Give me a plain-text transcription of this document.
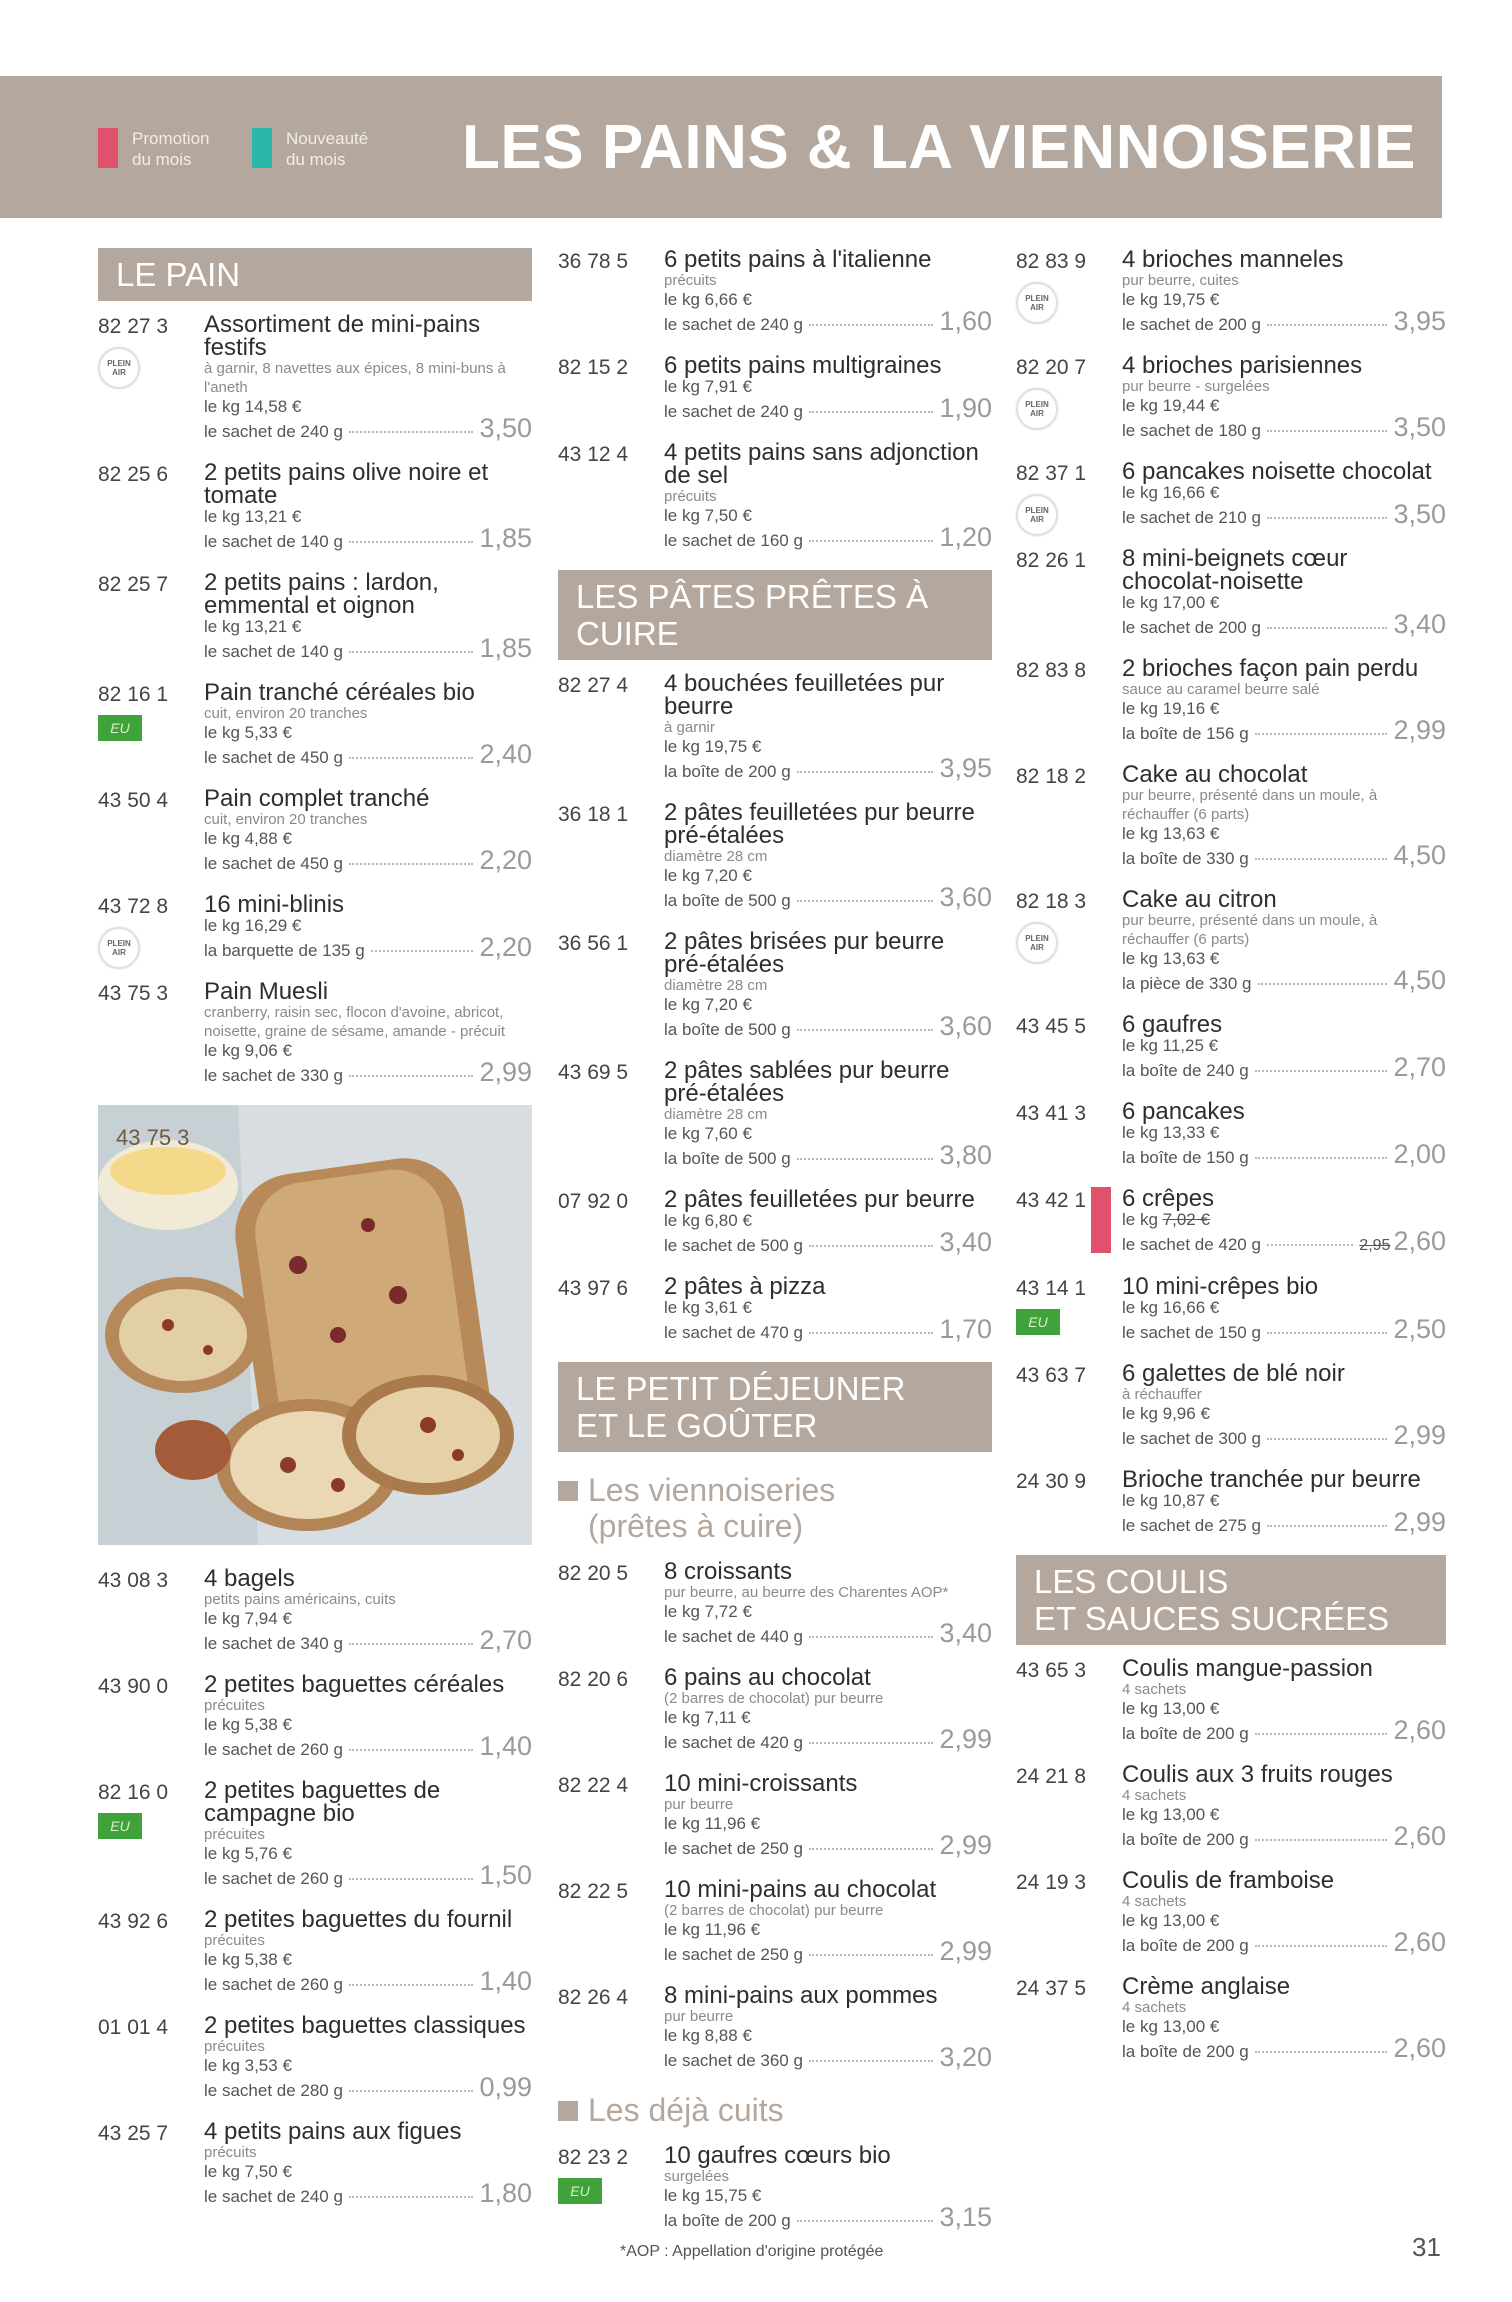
Promotion
du mois
Nouveauté
du mois	LES PAINS & LA VIENNOISERIE
LE PAIN
82 27 3
PLEIN AIR
Assortiment de mini-pains festifs
à garnir, 8 navettes aux épices, 8 mini-buns à l'aneth
le kg 14,58 €
le sachet de 240 g	3,50
82 25 6 2 petits pains olive noire et tomate
le kg 13,21 €
le sachet de 140 g	1,85
82 25 7 2 petits pains : lardon, emmental et oignon
le kg 13,21 €
le sachet de 140 g	1,85
82 16 1
EU
Pain tranché céréales bio
cuit, environ 20 tranches
le kg 5,33 €
le sachet de 450 g	2,40
43 50 4 Pain complet tranché
cuit, environ 20 tranches
le kg 4,88 €
le sachet de 450 g	2,20
43 72 8
PLEIN AIR
16 mini-blinis
le kg 16,29 €
la barquette de 135 g	2,20
43 75 3 Pain Muesli
cranberry, raisin sec, flocon d'avoine, abricot, noisette, graine de sésame, amande - précuit
le kg 9,06 €
le sachet de 330 g	2,99
43 75 3
43 08 3 4 bagels
petits pains américains, cuits
le kg 7,94 €
le sachet de 340 g	2,70
43 90 0 2 petites baguettes céréales
précuites
le kg 5,38 €
le sachet de 260 g	1,40
82 16 0
EU
2 petites baguettes de campagne bio
précuites
le kg 5,76 €
le sachet de 260 g	1,50
43 92 6 2 petites baguettes du fournil
précuites
le kg 5,38 €
le sachet de 260 g	1,40
01 01 4 2 petites baguettes classiques
précuites
le kg 3,53 €
le sachet de 280 g	0,99
43 25 7 4 petits pains aux figues
précuits
le kg 7,50 €
le sachet de 240 g	1,80
36 78 5 6 petits pains à l'italienne
précuits
le kg 6,66 €
le sachet de 240 g	1,60
82 15 2 6 petits pains multigraines
le kg 7,91 €
le sachet de 240 g	1,90
43 12 4 4 petits pains sans adjonction de sel
précuits
le kg 7,50 €
le sachet de 160 g	1,20
LES PÂTES PRÊTES À CUIRE
82 27 4 4 bouchées feuilletées pur beurre
à garnir
le kg 19,75 €
la boîte de 200 g	3,95
36 18 1 2 pâtes feuilletées pur beurre pré-étalées
diamètre 28 cm
le kg 7,20 €
la boîte de 500 g	3,60
36 56 1 2 pâtes brisées pur beurre pré-étalées
diamètre 28 cm
le kg 7,20 €
la boîte de 500 g	3,60
43 69 5 2 pâtes sablées pur beurre pré-étalées
diamètre 28 cm
le kg 7,60 €
la boîte de 500 g	3,80
07 92 0 2 pâtes feuilletées pur beurre
le kg 6,80 €
le sachet de 500 g	3,40
43 97 6 2 pâtes à pizza
le kg 3,61 €
le sachet de 470 g	1,70
LE PETIT DÉJEUNER
ET LE GOÛTER
Les viennoiseries
(prêtes à cuire)
82 20 5 8 croissants
pur beurre, au beurre des Charentes AOP*
le kg 7,72 €
le sachet de 440 g	3,40
82 20 6 6 pains au chocolat
(2 barres de chocolat) pur beurre
le kg 7,11 €
le sachet de 420 g	2,99
82 22 4 10 mini-croissants
pur beurre
le kg 11,96 €
le sachet de 250 g	2,99
82 22 5 10 mini-pains au chocolat
(2 barres de chocolat) pur beurre
le kg 11,96 €
le sachet de 250 g	2,99
82 26 4 8 mini-pains aux pommes
pur beurre
le kg 8,88 €
le sachet de 360 g	3,20
Les déjà cuits
82 23 2
EU
10 gaufres cœurs bio
surgelées
le kg 15,75 €
la boîte de 200 g	3,15
82 83 9
PLEIN AIR
4 brioches manneles
pur beurre, cuites
le kg 19,75 €
le sachet de 200 g	3,95
82 20 7
PLEIN AIR
4 brioches parisiennes
pur beurre - surgelées
le kg 19,44 €
le sachet de 180 g	3,50
82 37 1
PLEIN AIR
6 pancakes noisette chocolat
le kg 16,66 €
le sachet de 210 g	3,50
82 26 1 8 mini-beignets cœur chocolat-noisette
le kg 17,00 €
le sachet de 200 g	3,40
82 83 8 2 brioches façon pain perdu
sauce au caramel beurre salé
le kg 19,16 €
la boîte de 156 g	2,99
82 18 2 Cake au chocolat
pur beurre, présenté dans un moule, à réchauffer (6 parts)
le kg 13,63 €
la boîte de 330 g	4,50
82 18 3
PLEIN AIR
Cake au citron
pur beurre, présenté dans un moule, à réchauffer (6 parts)
le kg 13,63 €
la pièce de 330 g	4,50
43 45 5 6 gaufres
le kg 11,25 €
la boîte de 240 g	2,70
43 41 3 6 pancakes
le kg 13,33 €
la boîte de 150 g	2,00
43 42 1 6 crêpes
le kg 7,02 €
le sachet de 420 g	2,95 2,60
43 14 1
EU
10 mini-crêpes bio
le kg 16,66 €
le sachet de 150 g	2,50
43 63 7 6 galettes de blé noir
à réchauffer
le kg 9,96 €
le sachet de 300 g	2,99
24 30 9 Brioche tranchée pur beurre
le kg 10,87 €
le sachet de 275 g	2,99
LES COULIS
ET SAUCES SUCRÉES
43 65 3 Coulis mangue-passion
4 sachets
le kg 13,00 €
la boîte de 200 g	2,60
24 21 8 Coulis aux 3 fruits rouges
4 sachets
le kg 13,00 €
la boîte de 200 g	2,60
24 19 3 Coulis de framboise
4 sachets
le kg 13,00 €
la boîte de 200 g	2,60
24 37 5 Crème anglaise
4 sachets
le kg 13,00 €
la boîte de 200 g	2,60
*AOP : Appellation d'origine protégée	31
